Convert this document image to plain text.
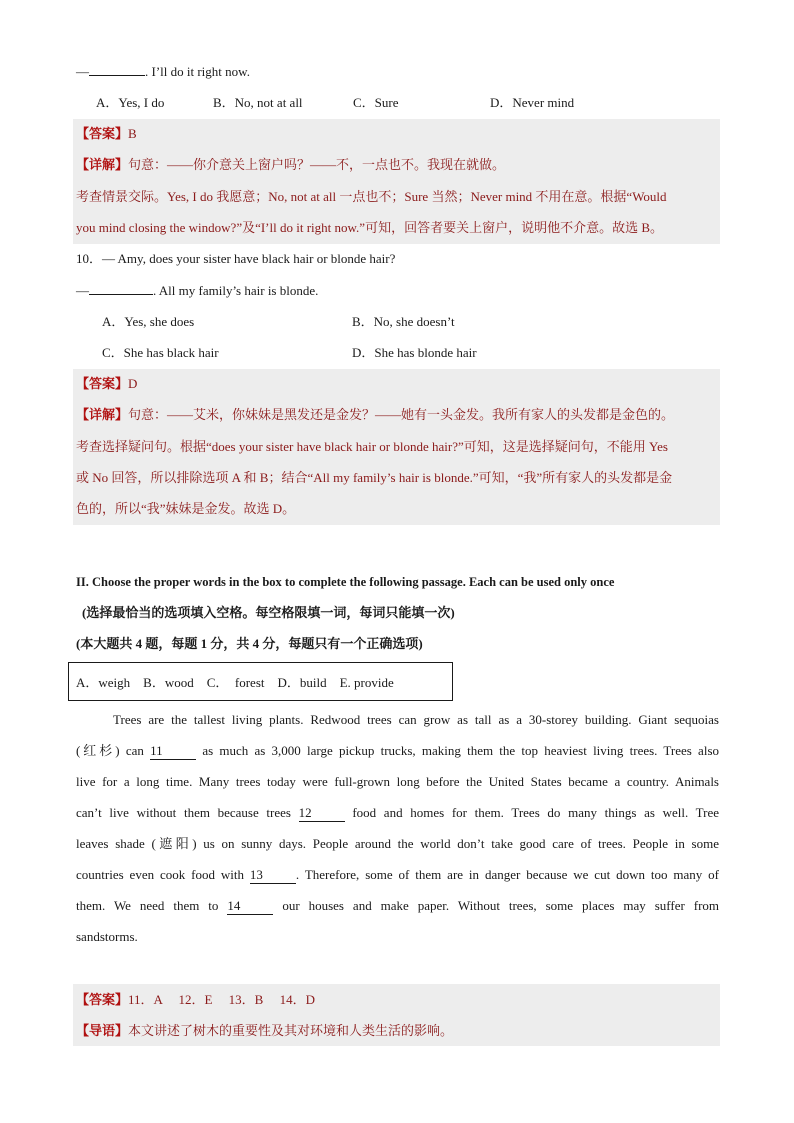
—	. I’ll do it right now.
A．Yes, I do	B．No, not at all	C．Sure	D．Never mind
【答案】B
【详解】句意：——你介意关上窗户吗？——不，一点也不。我现在就做。
考查情景交际。Yes, I do 我愿意；No, not at all 一点也不；Sure 当然；Never mind 不用在意。根据“Would
you mind closing the window?”及“I’ll do it right now.”可知，回答者要关上窗户，说明他不介意。故选 B。
10．— Amy, does your sister have black hair or blonde hair?
—	. All my family’s hair is blonde.
A．Yes, she does	B．No, she doesn’t
C．She has black hair	D．She has blonde hair
【答案】D
【详解】句意：——艾米，你妹妹是黑发还是金发？——她有一头金发。我所有家人的头发都是金色的。
考查选择疑问句。根据“does your sister have black hair or blonde hair?”可知，这是选择疑问句，不能用 Yes
或 No 回答，所以排除选项 A 和 B；结合“All my family’s hair is blonde.”可知，“我”所有家人的头发都是金
色的，所以“我”妹妹是金发。故选 D。
II. Choose the proper words in the box to complete the following passage. Each can be used only once
(选择最恰当的选项填入空格。每空格限填一词，每词只能填一次)
(本大题共 4 题，每题 1 分，共 4 分，每题只有一个正确选项)
A．weigh    B．wood    C．  forest    D．build    E. provide
Trees are the tallest living plants. Redwood trees can grow as tall as a 30-storey building. Giant sequoias
(红杉) can 11	as much as 3,000 large pickup trucks, making them the top heaviest living trees. Trees also
live for a long time. Many trees today were full-grown long before the United States became a country. Animals
can’t live without them because trees 12	food and homes for them. Trees do many things as well. Tree
leaves shade (遮阳) us on sunny days. People around the world don’t take good care of trees. People in some
countries even cook food with 13	. Therefore, some of them are in danger because we cut down too many of
them. We need them to 14	our houses and make paper. Without trees, some places may suffer from
sandstorms.
【答案】11．A     12．E     13．B     14．D
【导语】本文讲述了树木的重要性及其对环境和人类生活的影响。
